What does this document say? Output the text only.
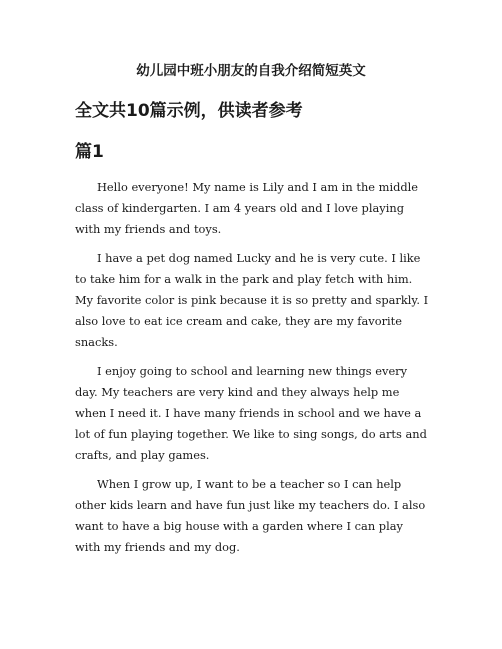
幼儿园中班小朋友的自我介绍简短英文
全文共10篇示例，供读者参考
篇1

Hello everyone! My name is Lily and I am in the middle class of kindergarten. I am 4 years old and I love playing with my friends and toys.

I have a pet dog named Lucky and he is very cute. I like to take him for a walk in the park and play fetch with him. My favorite color is pink because it is so pretty and sparkly. I also love to eat ice cream and cake, they are my favorite snacks.

I enjoy going to school and learning new things every day. My teachers are very kind and they always help me when I need it. I have many friends in school and we have a lot of fun playing together. We like to sing songs, do arts and crafts, and play games.

When I grow up, I want to be a teacher so I can help other kids learn and have fun just like my teachers do. I also want to have a big house with a garden where I can play with my friends and my dog.
